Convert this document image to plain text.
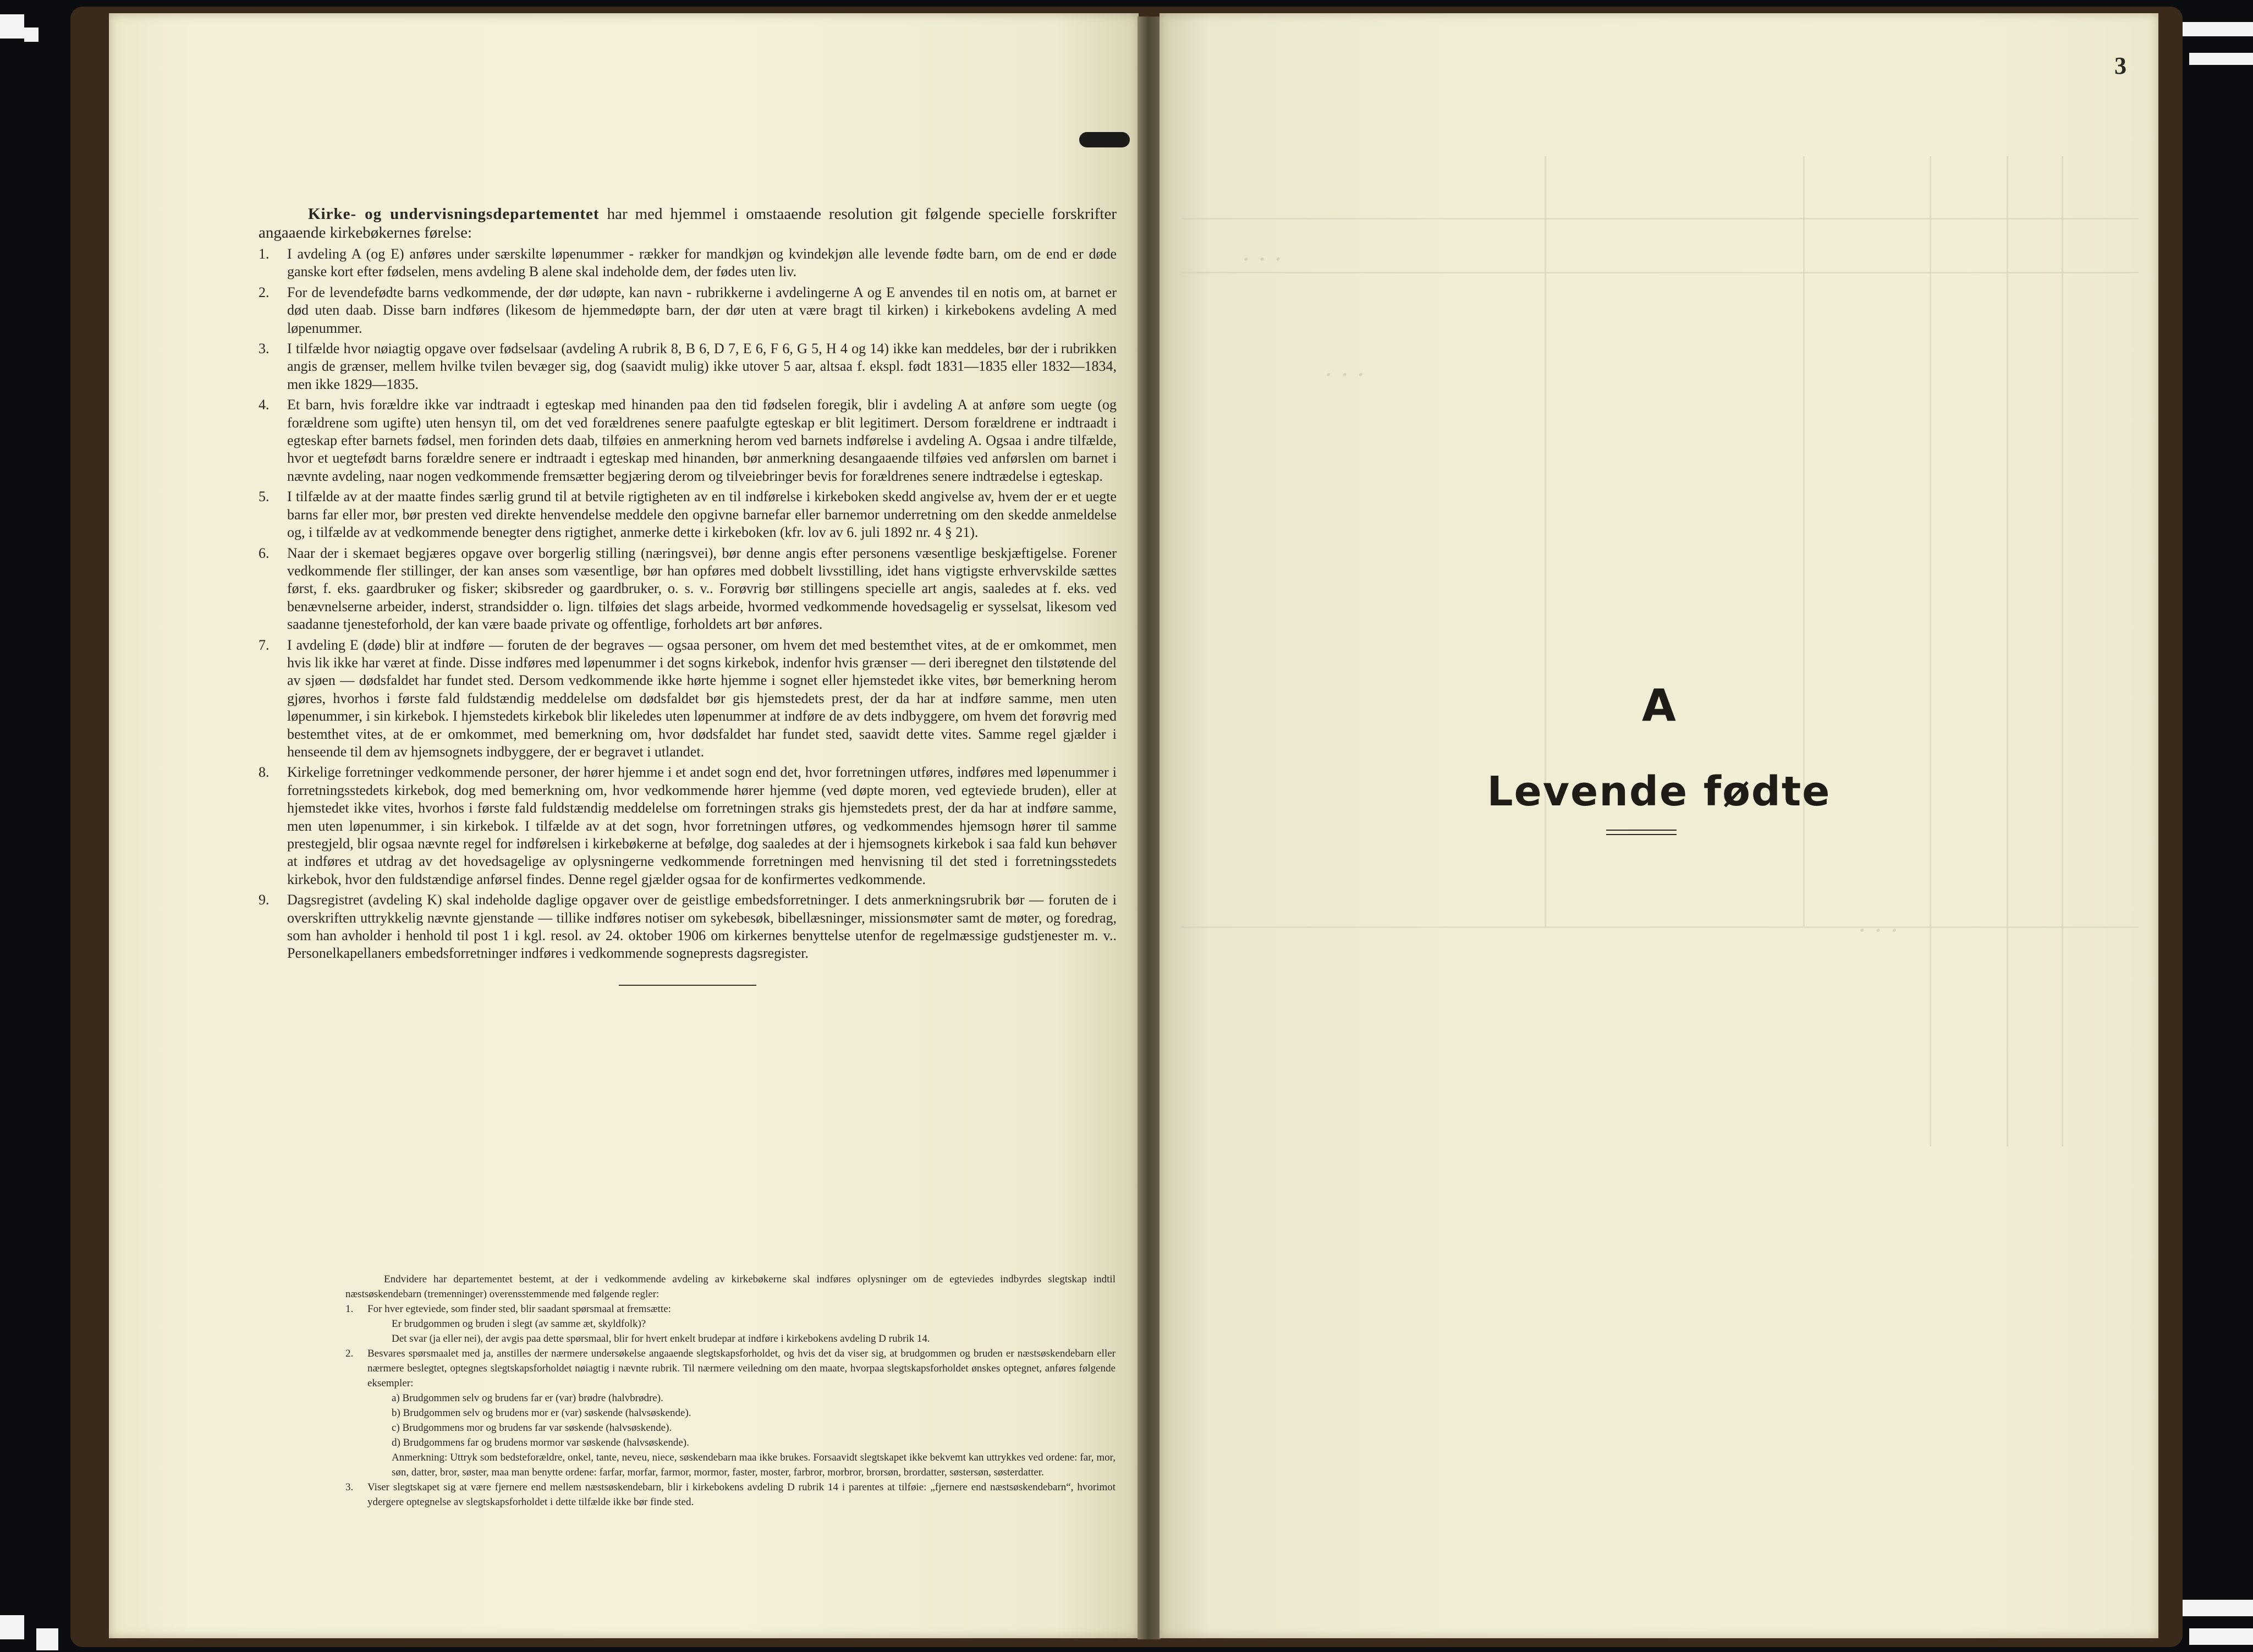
Kirke- og undervisningsdepartementet har med hjemmel i omstaaende resolution git følgende specielle forskrifter angaaende kirkebøkernes førelse:

1.	I avdeling A (og E) anføres under særskilte løpenummer - rækker for mandkjøn og kvindekjøn alle levende fødte barn, om de end er døde ganske kort efter fødselen, mens avdeling B alene skal indeholde dem, der fødes uten liv.
2.	For de levendefødte barns vedkommende, der dør udøpte, kan navn - rubrikkerne i avdelingerne A og E anvendes til en notis om, at barnet er død uten daab. Disse barn indføres (likesom de hjemmedøpte barn, der dør uten at være bragt til kirken) i kirkebokens avdeling A med løpenummer.
3.	I tilfælde hvor nøiagtig opgave over fødselsaar (avdeling A rubrik 8, B 6, D 7, E 6, F 6, G 5, H 4 og 14) ikke kan meddeles, bør der i rubrikken angis de grænser, mellem hvilke tvilen bevæger sig, dog (saavidt mulig) ikke utover 5 aar, altsaa f. ekspl. født 1831—1835 eller 1832—1834, men ikke 1829—1835.
4.	Et barn, hvis forældre ikke var indtraadt i egteskap med hinanden paa den tid fødselen foregik, blir i avdeling A at anføre som uegte (og forældrene som ugifte) uten hensyn til, om det ved forældrenes senere paafulgte egteskap er blit legitimert. Dersom forældrene er indtraadt i egteskap efter barnets fødsel, men forinden dets daab, tilføies en anmerkning herom ved barnets indførelse i avdeling A. Ogsaa i andre tilfælde, hvor et uegtefødt barns forældre senere er indtraadt i egteskap med hinanden, bør anmerkning desangaaende tilføies ved anførslen om barnet i nævnte avdeling, naar nogen vedkommende fremsætter begjæring derom og tilveiebringer bevis for forældrenes senere indtrædelse i egteskap.
5.	I tilfælde av at der maatte findes særlig grund til at betvile rigtigheten av en til indførelse i kirkeboken skedd angivelse av, hvem der er et uegte barns far eller mor, bør presten ved direkte henvendelse meddele den opgivne barnefar eller barnemor underretning om den skedde anmeldelse og, i tilfælde av at vedkommende benegter dens rigtighet, anmerke dette i kirkeboken (kfr. lov av 6. juli 1892 nr. 4 § 21).
6.	Naar der i skemaet begjæres opgave over borgerlig stilling (næringsvei), bør denne angis efter personens væsentlige beskjæftigelse. Forener vedkommende fler stillinger, der kan anses som væsentlige, bør han opføres med dobbelt livsstilling, idet hans vigtigste erhvervskilde sættes først, f. eks. gaardbruker og fisker; skibsreder og gaardbruker, o. s. v.. Forøvrig bør stillingens specielle art angis, saaledes at f. eks. ved benævnelserne arbeider, inderst, strandsidder o. lign. tilføies det slags arbeide, hvormed vedkommende hovedsagelig er sysselsat, likesom ved saadanne tjenesteforhold, der kan være baade private og offentlige, forholdets art bør anføres.
7.	I avdeling E (døde) blir at indføre — foruten de der begraves — ogsaa personer, om hvem det med bestemthet vites, at de er omkommet, men hvis lik ikke har været at finde. Disse indføres med løpenummer i det sogns kirkebok, indenfor hvis grænser — deri iberegnet den tilstøtende del av sjøen — dødsfaldet har fundet sted. Dersom vedkommende ikke hørte hjemme i sognet eller hjemstedet ikke vites, bør bemerkning herom gjøres, hvorhos i første fald fuldstændig meddelelse om dødsfaldet bør gis hjemstedets prest, der da har at indføre samme, men uten løpenummer, i sin kirkebok. I hjemstedets kirkebok blir likeledes uten løpenummer at indføre de av dets indbyggere, om hvem det forøvrig med bestemthet vites, at de er omkommet, med bemerkning om, hvor dødsfaldet har fundet sted, saavidt dette vites. Samme regel gjælder i henseende til dem av hjemsognets indbyggere, der er begravet i utlandet.
8.	Kirkelige forretninger vedkommende personer, der hører hjemme i et andet sogn end det, hvor forretningen utføres, indføres med løpenummer i forretningsstedets kirkebok, dog med bemerkning om, hvor vedkommende hører hjemme (ved døpte moren, ved egteviede bruden), eller at hjemstedet ikke vites, hvorhos i første fald fuldstændig meddelelse om forretningen straks gis hjemstedets prest, der da har at indføre samme, men uten løpenummer, i sin kirkebok. I tilfælde av at det sogn, hvor forretningen utføres, og vedkommendes hjemsogn hører til samme prestegjeld, blir ogsaa nævnte regel for indførelsen i kirkebøkerne at befølge, dog saaledes at der i hjemsognets kirkebok i saa fald kun behøver at indføres et utdrag av det hovedsagelige av oplysningerne vedkommende forretningen med henvisning til det sted i forretningsstedets kirkebok, hvor den fuldstændige anførsel findes. Denne regel gjælder ogsaa for de konfirmertes vedkommende.
9.	Dagsregistret (avdeling K) skal indeholde daglige opgaver over de geistlige embedsforretninger. I dets anmerkningsrubrik bør — foruten de i overskriften uttrykkelig nævnte gjenstande — tillike indføres notiser om sykebesøk, bibellæsninger, missionsmøter samt de møter, og foredrag, som han avholder i henhold til post 1 i kgl. resol. av 24. oktober 1906 om kirkernes benyttelse utenfor de regelmæssige gudstjenester m. v.. Personelkapellaners embedsforretninger indføres i vedkommende sogneprests dagsregister.

Endvidere har departementet bestemt, at der i vedkommende avdeling av kirkebøkerne skal indføres oplysninger om de egteviedes indbyrdes slegtskap indtil næstsøskendebarn (tremenninger) overensstemmende med følgende regler:

1.	For hver egteviede, som finder sted, blir saadant spørsmaal at fremsætte:
Er brudgommen og bruden i slegt (av samme æt, skyldfolk)?
Det svar (ja eller nei), der avgis paa dette spørsmaal, blir for hvert enkelt brudepar at indføre i kirkebokens avdeling D rubrik 14.
2.	Besvares spørsmaalet med ja, anstilles der nærmere undersøkelse angaaende slegtskapsforholdet, og hvis det da viser sig, at brudgommen og bruden er næstsøskendebarn eller nærmere beslegtet, optegnes slegtskapsforholdet nøiagtig i nævnte rubrik. Til nærmere veiledning om den maate, hvorpaa slegtskapsforholdet ønskes optegnet, anføres følgende eksempler:
a) Brudgommen selv og brudens far er (var) brødre (halvbrødre).
b) Brudgommen selv og brudens mor er (var) søskende (halvsøskende).
c) Brudgommens mor og brudens far var søskende (halvsøskende).
d) Brudgommens far og brudens mormor var søskende (halvsøskende).
Anmerkning: Uttryk som bedsteforældre, onkel, tante, neveu, niece, søskendebarn maa ikke brukes. Forsaavidt slegtskapet ikke bekvemt kan uttrykkes ved ordene: far, mor, søn, datter, bror, søster, maa man benytte ordene: farfar, morfar, farmor, mormor, faster, moster, farbror, morbror, brorsøn, brordatter, søstersøn, søsterdatter.
3.	Viser slegtskapet sig at være fjernere end mellem næstsøskendebarn, blir i kirkebokens avdeling D rubrik 14 i parentes at tilføie: „fjernere end næstsøskendebarn“, hvorimot ydergere optegnelse av slegtskapsforholdet i dette tilfælde ikke bør finde sted.
· · ·
· · ·
· · ·
3
A
Levende fødte
